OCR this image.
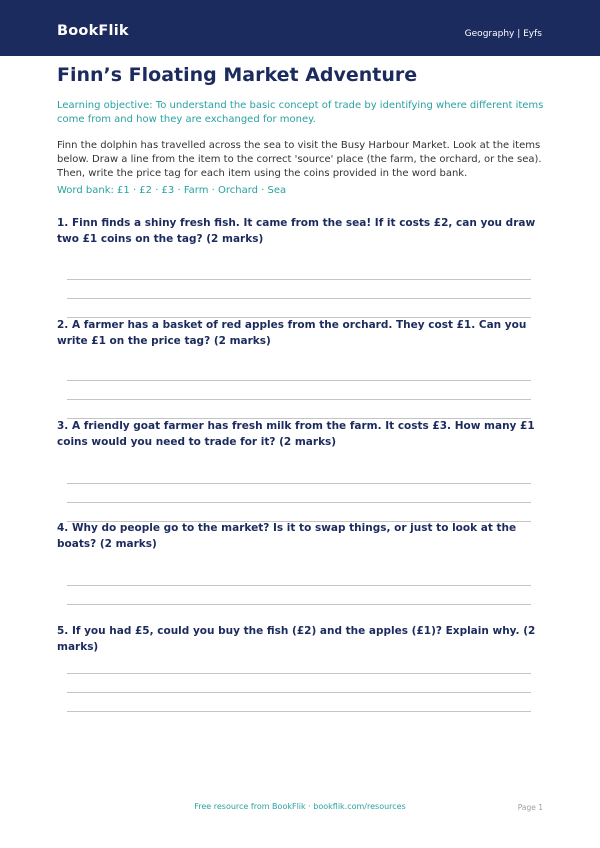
BookFlik	Geography | Eyfs
Finn’s Floating Market Adventure
Learning objective: To understand the basic concept of trade by identifying where different items come from and how they are exchanged for money.
Finn the dolphin has travelled across the sea to visit the Busy Harbour Market. Look at the items below. Draw a line from the item to the correct 'source' place (the farm, the orchard, or the sea). Then, write the price tag for each item using the coins provided in the word bank.
Word bank: £1 · £2 · £3 · Farm · Orchard · Sea
1. Finn finds a shiny fresh fish. It came from the sea! If it costs £2, can you draw two £1 coins on the tag? (2 marks)
2. A farmer has a basket of red apples from the orchard. They cost £1. Can you write £1 on the price tag? (2 marks)
3. A friendly goat farmer has fresh milk from the farm. It costs £3. How many £1 coins would you need to trade for it? (2 marks)
4. Why do people go to the market? Is it to swap things, or just to look at the boats? (2 marks)
5. If you had £5, could you buy the fish (£2) and the apples (£1)? Explain why. (2 marks)
Free resource from BookFlik · bookflik.com/resources	Page 1
